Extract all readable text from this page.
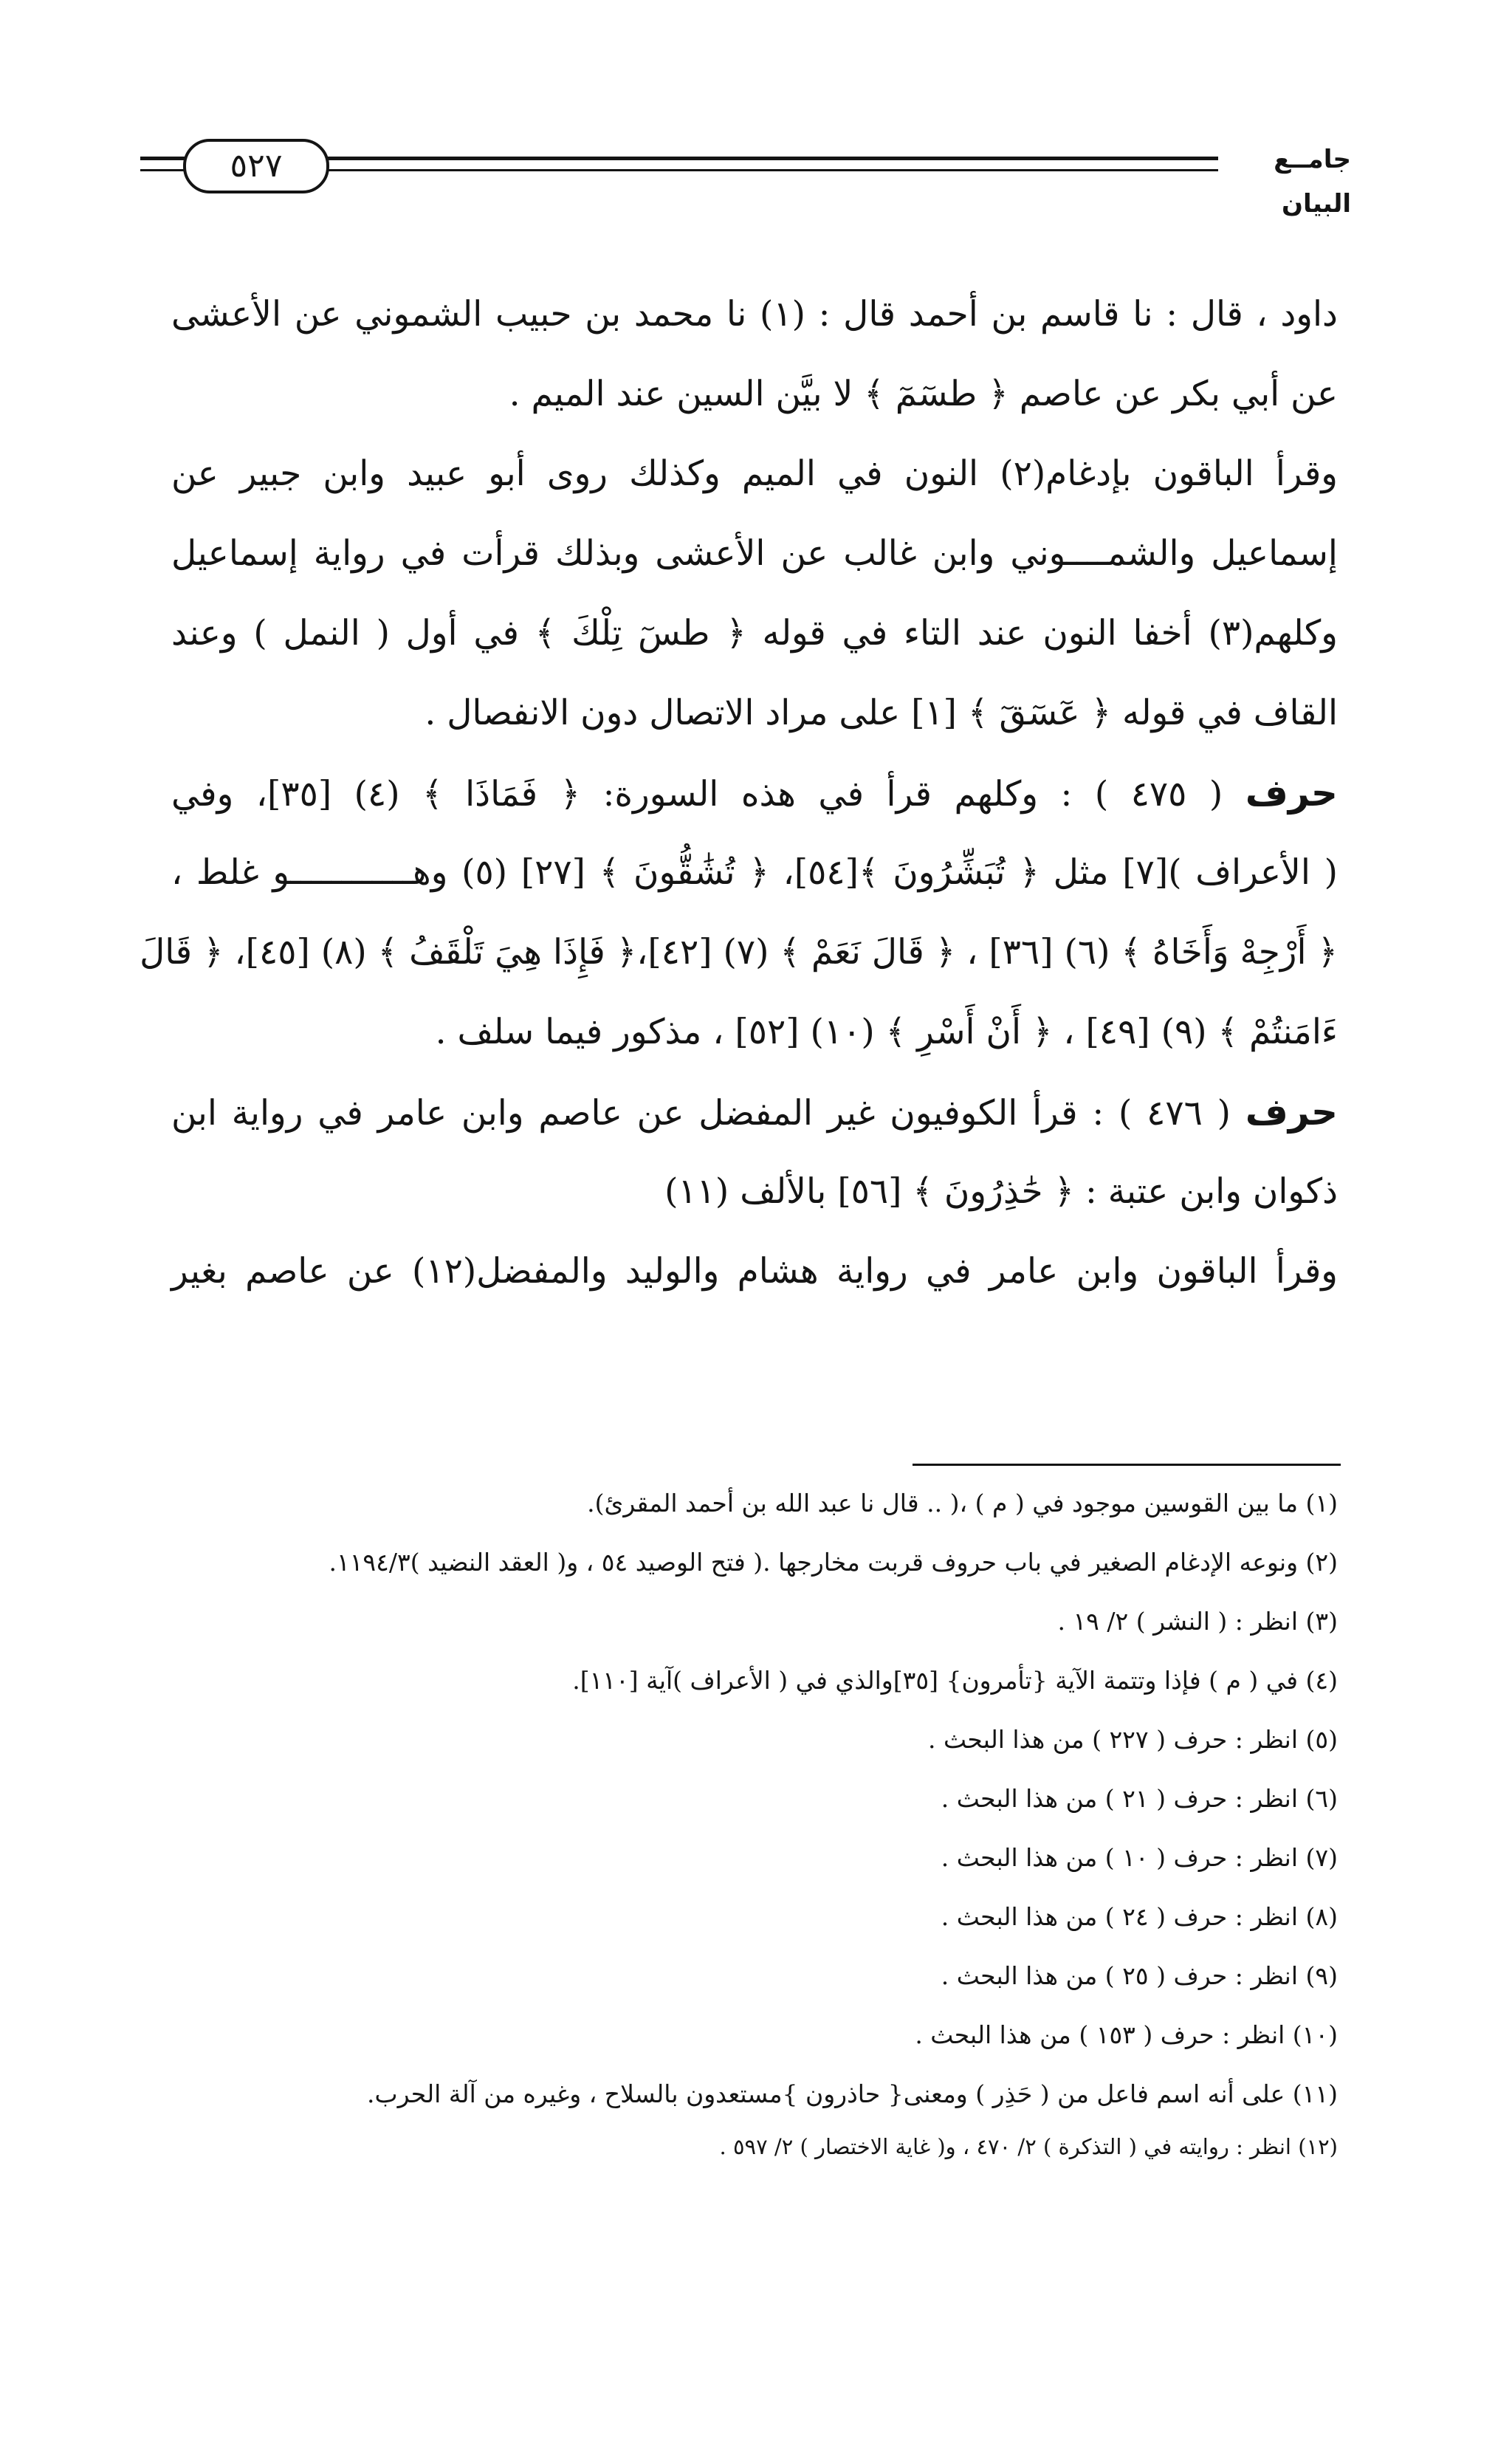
٥٢٧	جامــع البيان
داود ، قال : نا قاسم بن أحمد قال : (١) نا محمد بن حبيب الشموني عن الأعشى
عن أبي بكر عن عاصم ﴿ طسٓمٓ ﴾ لا بيَّن السين عند الميم .
وقرأ الباقون بإدغام(٢) النون في الميم وكذلك روى أبو عبيد وابن جبير عن
إسماعيل والشمــــوني وابن غالب عن الأعشى وبذلك قرأت في رواية إسماعيل
وكلهم(٣) أخفا النون عند التاء في قوله ﴿ طسٓ تِلْكَ ﴾ في أول ( النمل ) وعند
القاف في قوله ﴿ عٓسٓقٓ ﴾ [١] على مراد الاتصال دون الانفصال .
حرف ( ٤٧٥ ) : وكلهم قرأ في هذه السورة: ﴿ فَمَاذَا ﴾ (٤) [٣٥]، وفي
( الأعراف )[٧] مثل ﴿ تُبَشِّرُونَ ﴾[٥٤]، ﴿ تُشَٰقُّونَ ﴾ [٢٧] (٥) وهــــــــــــو غلط ،
﴿ أَرْجِهْ وَأَخَاهُ ﴾ (٦) [٣٦] ، ﴿ قَالَ نَعَمْ ﴾ (٧) [٤٢]،﴿ فَإِذَا هِيَ تَلْقَفُ ﴾ (٨) [٤٥]، ﴿ قَالَ
ءَامَنتُمْ ﴾ (٩) [٤٩] ، ﴿ أَنْ أَسْرِ ﴾ (١٠) [٥٢] ، مذكور فيما سلف .
حرف ( ٤٧٦ ) : قرأ الكوفيون غير المفضل عن عاصم وابن عامر في رواية ابن
ذكوان وابن عتبة : ﴿ حَٰذِرُونَ ﴾ [٥٦] بالألف (١١)
وقرأ الباقون وابن عامر في رواية هشام والوليد والمفضل(١٢) عن عاصم بغير
(١) ما بين القوسين موجود في ( م ) ،( .. قال نا عبد الله بن أحمد المقرئ).
(٢) ونوعه الإدغام الصغير في باب حروف قربت مخارجها .( فتح الوصيد ٥٤ ، و( العقد النضيد )١١٩٤/٣.
(٣) انظر : ( النشر ) ٢/ ١٩ .
(٤) في ( م ) فإذا وتتمة الآية {تأمرون} [٣٥]والذي في ( الأعراف )آية [١١٠].
(٥) انظر : حرف ( ٢٢٧ ) من هذا البحث .
(٦) انظر : حرف ( ٢١ ) من هذا البحث .
(٧) انظر : حرف ( ١٠ ) من هذا البحث .
(٨) انظر : حرف ( ٢٤ ) من هذا البحث .
(٩) انظر : حرف ( ٢٥ ) من هذا البحث .
(١٠) انظر : حرف ( ١٥٣ ) من هذا البحث .
(١١) على أنه اسم فاعل من ( حَذِر ) ومعنى{ حاذرون }مستعدون بالسلاح ، وغيره من آلة الحرب.
(١٢) انظر : روايته في ( التذكرة ) ٢/ ٤٧٠ ، و( غاية الاختصار ) ٢/ ٥٩٧ .
